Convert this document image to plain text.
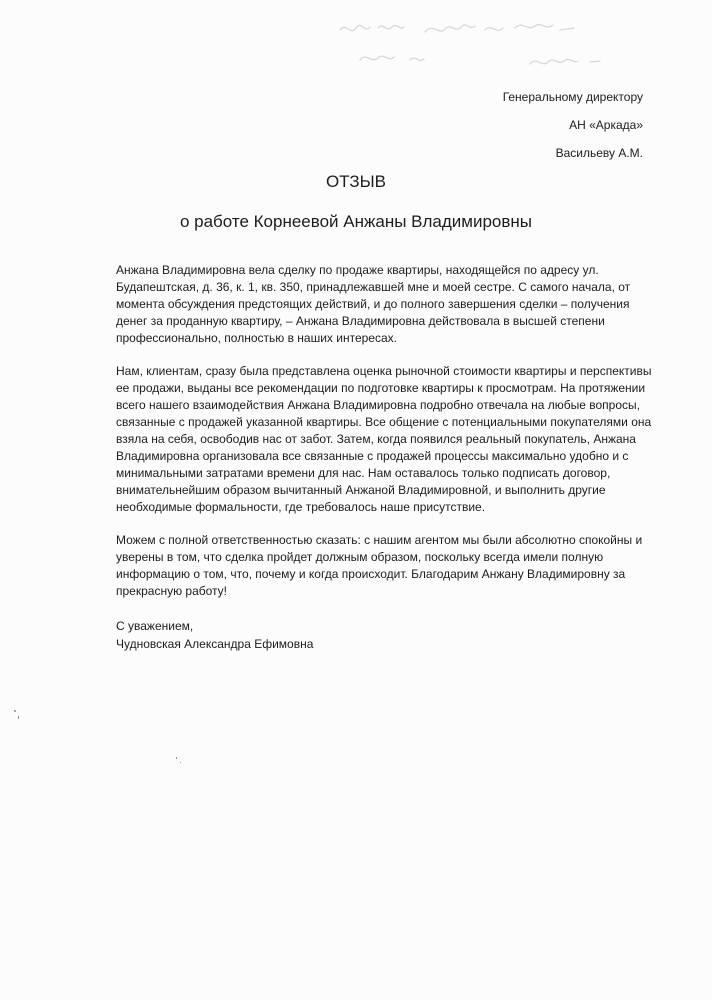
Генеральному директору
АН «Аркада»
Васильеву А.М.
ОТЗЫВ
о работе Корнеевой Анжаны Владимировны

Анжана Владимировна вела сделку по продаже квартиры, находящейся по адресу ул. Будапештская, д. 36, к. 1, кв. 350, принадлежавшей мне и моей сестре. С самого начала, от момента обсуждения предстоящих действий, и до полного завершения сделки – получения денег за проданную квартиру, – Анжана Владимировна действовала в высшей степени профессионально, полностью в наших интересах.

Нам, клиентам, сразу была представлена оценка рыночной стоимости квартиры и перспективы ее продажи, выданы все рекомендации по подготовке квартиры к просмотрам. На протяжении всего нашего взаимодействия Анжана Владимировна подробно отвечала на любые вопросы, связанные с продажей указанной квартиры. Все общение с потенциальными покупателями она взяла на себя, освободив нас от забот. Затем, когда появился реальный покупатель, Анжана Владимировна организовала все связанные с продажей процессы максимально удобно и с минимальными затратами времени для нас. Нам оставалось только подписать договор, внимательнейшим образом вычитанный Анжаной Владимировной, и выполнить другие необходимые формальности, где требовалось наше присутствие.

Можем с полной ответственностью сказать: с нашим агентом мы были абсолютно спокойны и уверены в том, что сделка пройдет должным образом, поскольку всегда имели полную информацию о том, что, почему и когда происходит. Благодарим Анжану Владимировну за прекрасную работу!

С уважением,
Чудновская Александра Ефимовна
